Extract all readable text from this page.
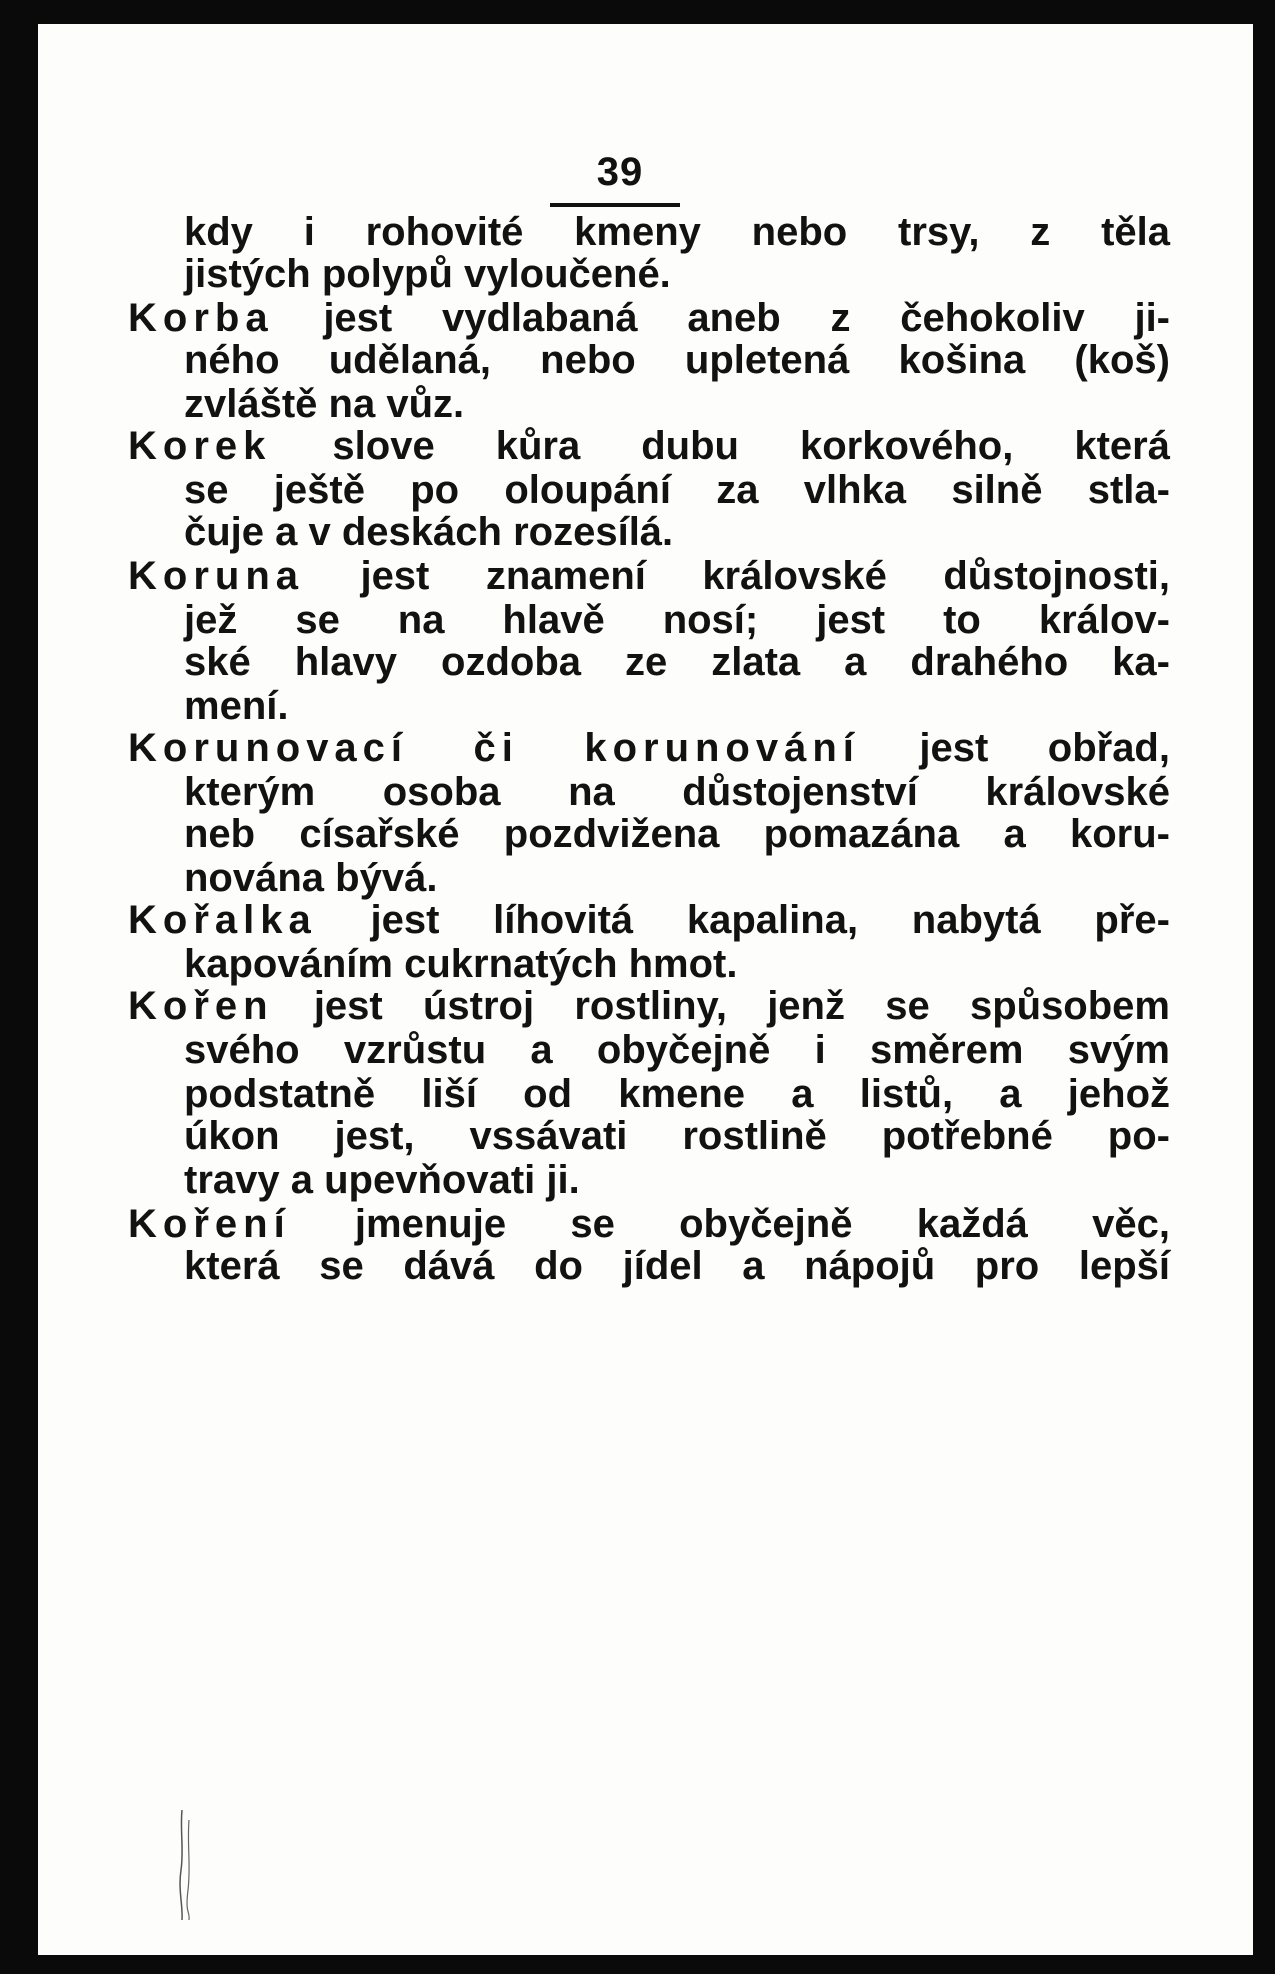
39
kdy i rohovité kmeny nebo trsy, z těla
jistých polypů vyloučené.
Korba jest vydlabaná aneb z čehokoliv ji-
ného udělaná, nebo upletená košina (koš)
zvláště na vůz.
Korek slove kůra dubu korkového, která
se ještě po oloupání za vlhka silně stla-
čuje a v deskách rozesílá.
Koruna jest znamení královské důstojnosti,
jež se na hlavě nosí; jest to králov-
ské hlavy ozdoba ze zlata a drahého ka-
mení.
Korunovací či korunování jest obřad,
kterým osoba na důstojenství královské
neb císařské pozdvižena pomazána a koru-
nována bývá.
Kořalka jest líhovitá kapalina, nabytá pře-
kapováním cukrnatých hmot.
Kořen jest ústroj rostliny, jenž se spůsobem
svého vzrůstu a obyčejně i směrem svým
podstatně liší od kmene a listů, a jehož
úkon jest, vssávati rostlině potřebné po-
travy a upevňovati ji.
Koření jmenuje se obyčejně každá věc,
která se dává do jídel a nápojů pro lepší
